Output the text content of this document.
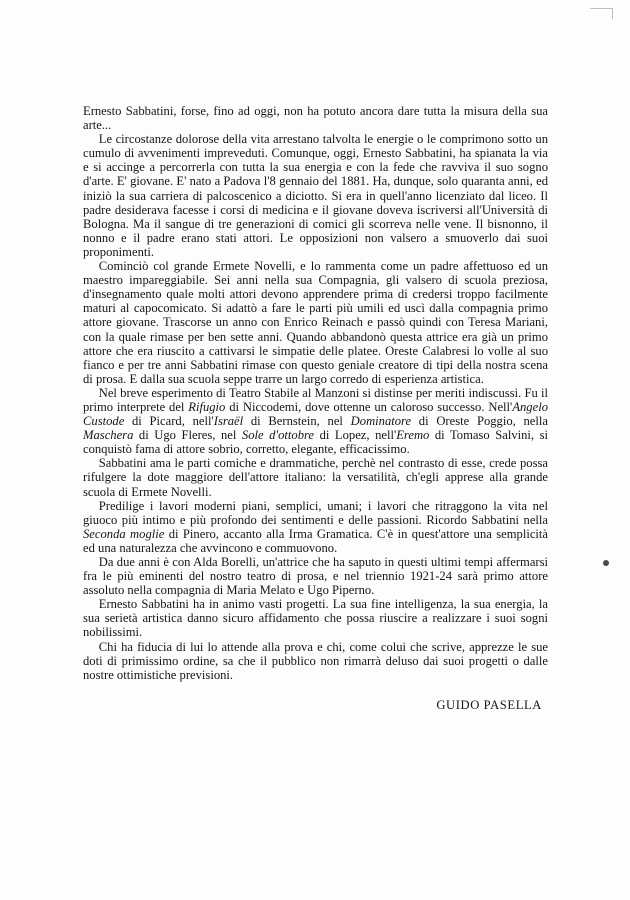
Ernesto Sabbatini, forse, fino ad oggi, non ha potuto ancora dare tutta la misura della sua arte...

Le circostanze dolorose della vita arrestano talvolta le energie o le comprimono sotto un cumulo di avvenimenti impreveduti. Comunque, oggi, Ernesto Sabbatini, ha spianata la via e si accinge a percorrerla con tutta la sua energia e con la fede che ravviva il suo sogno d'arte. E' giovane. E' nato a Padova l'8 gennaio del 1881. Ha, dunque, solo quaranta anni, ed iniziò la sua carriera di palcoscenico a diciotto. Si era in quell'anno licenziato dal liceo. Il padre desiderava facesse i corsi di medicina e il giovane doveva iscriversi all'Università di Bologna. Ma il sangue di tre generazioni di comici gli scorreva nelle vene. Il bisnonno, il nonno e il padre erano stati attori. Le opposizioni non valsero a smuoverlo dai suoi proponimenti.

Cominciò col grande Ermete Novelli, e lo rammenta come un padre affettuoso ed un maestro impareggiabile. Sei anni nella sua Compagnia, gli valsero di scuola preziosa, d'insegnamento quale molti attori devono apprendere prima di credersi troppo facilmente maturi al capocomicato. Si adattò a fare le parti più umili ed uscì dalla compagnia primo attore giovane. Trascorse un anno con Enrico Reinach e passò quindi con Teresa Mariani, con la quale rimase per ben sette anni. Quando abbandonò questa attrice era già un primo attore che era riuscito a cattivarsi le simpatie delle platee. Oreste Calabresi lo volle al suo fianco e per tre anni Sabbatini rimase con questo geniale creatore di tipi della nostra scena di prosa. E dalla sua scuola seppe trarre un largo corredo di esperienza artistica.

Nel breve esperimento di Teatro Stabile al Manzoni si distinse per meriti indiscussi. Fu il primo interprete del Rifugio di Niccodemi, dove ottenne un caloroso successo. Nell'Angelo Custode di Picard, nell'Israël di Bernstein, nel Dominatore di Oreste Poggio, nella Maschera di Ugo Fleres, nel Sole d'ottobre di Lopez, nell'Eremo di Tomaso Salvini, si conquistò fama di attore sobrio, corretto, elegante, efficacissimo.

Sabbatini ama le parti comiche e drammatiche, perchè nel contrasto di esse, crede possa rifulgere la dote maggiore dell'attore italiano: la versatilità, ch'egli apprese alla grande scuola di Ermete Novelli.

Predilige i lavori moderni piani, semplici, umani; i lavori che ritraggono la vita nel giuoco più intimo e più profondo dei sentimenti e delle passioni. Ricordo Sabbatini nella Seconda moglie di Pinero, accanto alla Irma Gramatica. C'è in quest'attore una semplicità ed una naturalezza che avvincono e commuovono.

Da due anni è con Alda Borelli, un'attrice che ha saputo in questi ultimi tempi affermarsi fra le più eminenti del nostro teatro di prosa, e nel triennio 1921-24 sarà primo attore assoluto nella compagnia di Maria Melato e Ugo Piperno.

Ernesto Sabbatini ha in animo vasti progetti. La sua fine intelligenza, la sua energia, la sua serietà artistica danno sicuro affidamento che possa riuscire a realizzare i suoi sogni nobilissimi.

Chi ha fiducia di lui lo attende alla prova e chi, come colui che scrive, apprezze le sue doti di primissimo ordine, sa che il pubblico non rimarrà deluso dai suoi progetti o dalle nostre ottimistiche previsioni.

GUIDO PASELLA
